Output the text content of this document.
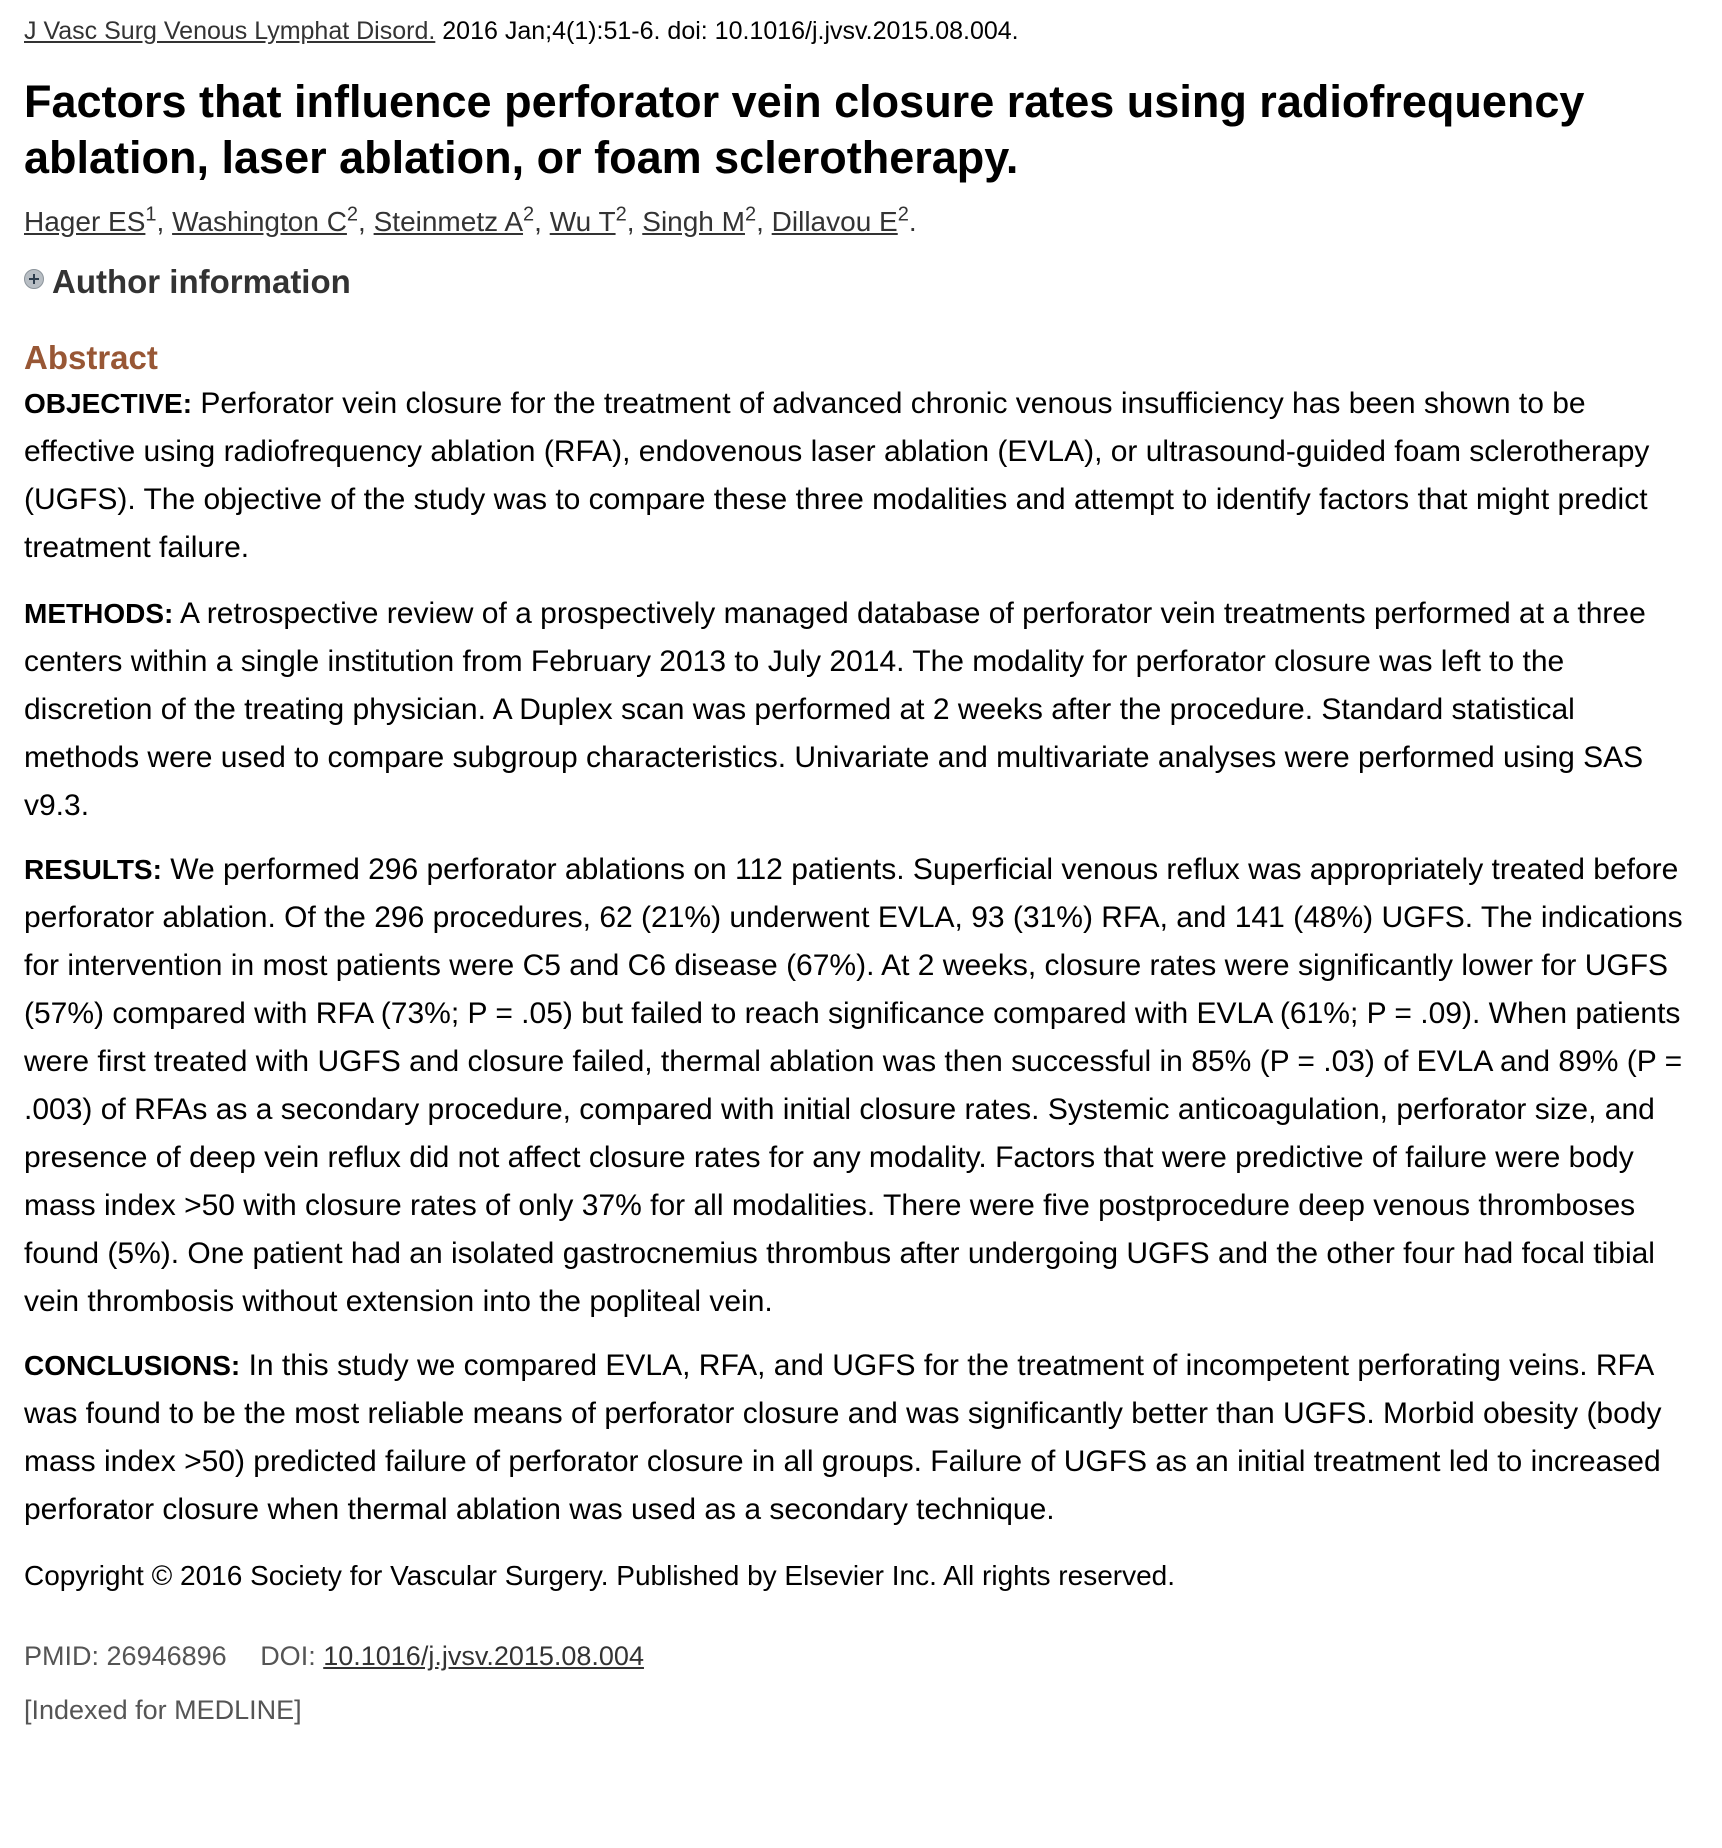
J Vasc Surg Venous Lymphat Disord. 2016 Jan;4(1):51-6. doi: 10.1016/j.jvsv.2015.08.004.
Factors that influence perforator vein closure rates using radiofrequency ablation, laser ablation, or foam sclerotherapy.
Hager $ES^1$, Washington $C^2$, Steinmetz $A^2$, Wu $T^2$, Singh $M^2$, Dillavou $E^2$.
Author information
Abstract

OBJECTIVE: Perforator vein closure for the treatment of advanced chronic venous insufficiency has been shown to be effective using radiofrequency ablation (RFA), endovenous laser ablation (EVLA), or ultrasound-guided foam sclerotherapy (UGFS). The objective of the study was to compare these three modalities and attempt to identify factors that might predict treatment failure.

METHODS: A retrospective review of a prospectively managed database of perforator vein treatments performed at a three centers within a single institution from February 2013 to July 2014. The modality for perforator closure was left to the discretion of the treating physician. A Duplex scan was performed at 2 weeks after the procedure. Standard statistical methods were used to compare subgroup characteristics. Univariate and multivariate analyses were performed using SAS v9.3.

RESULTS: We performed 296 perforator ablations on 112 patients. Superficial venous reflux was appropriately treated before perforator ablation. Of the 296 procedures, 62 (21%) underwent EVLA, 93 (31%) RFA, and 141 (48%) UGFS. The indications for intervention in most patients were C5 and C6 disease (67%). At 2 weeks, closure rates were significantly lower for UGFS (57%) compared with RFA (73%; P = .05) but failed to reach significance compared with EVLA (61%; P = .09). When patients were first treated with UGFS and closure failed, thermal ablation was then successful in 85% (P = .03) of EVLA and 89% (P = .003) of RFAs as a secondary procedure, compared with initial closure rates. Systemic anticoagulation, perforator size, and presence of deep vein reflux did not affect closure rates for any modality. Factors that were predictive of failure were body mass index >50 with closure rates of only 37% for all modalities. There were five postprocedure deep venous thromboses found (5%). One patient had an isolated gastrocnemius thrombus after undergoing UGFS and the other four had focal tibial vein thrombosis without extension into the popliteal vein.

CONCLUSIONS: In this study we compared EVLA, RFA, and UGFS for the treatment of incompetent perforating veins. RFA was found to be the most reliable means of perforator closure and was significantly better than UGFS. Morbid obesity (body mass index >50) predicted failure of perforator closure in all groups. Failure of UGFS as an initial treatment led to increased perforator closure when thermal ablation was used as a secondary technique.

Copyright © 2016 Society for Vascular Surgery. Published by Elsevier Inc. All rights reserved.
PMID: 26946896 DOI: 10.1016/j.jvsv.2015.08.004
[Indexed for MEDLINE]
